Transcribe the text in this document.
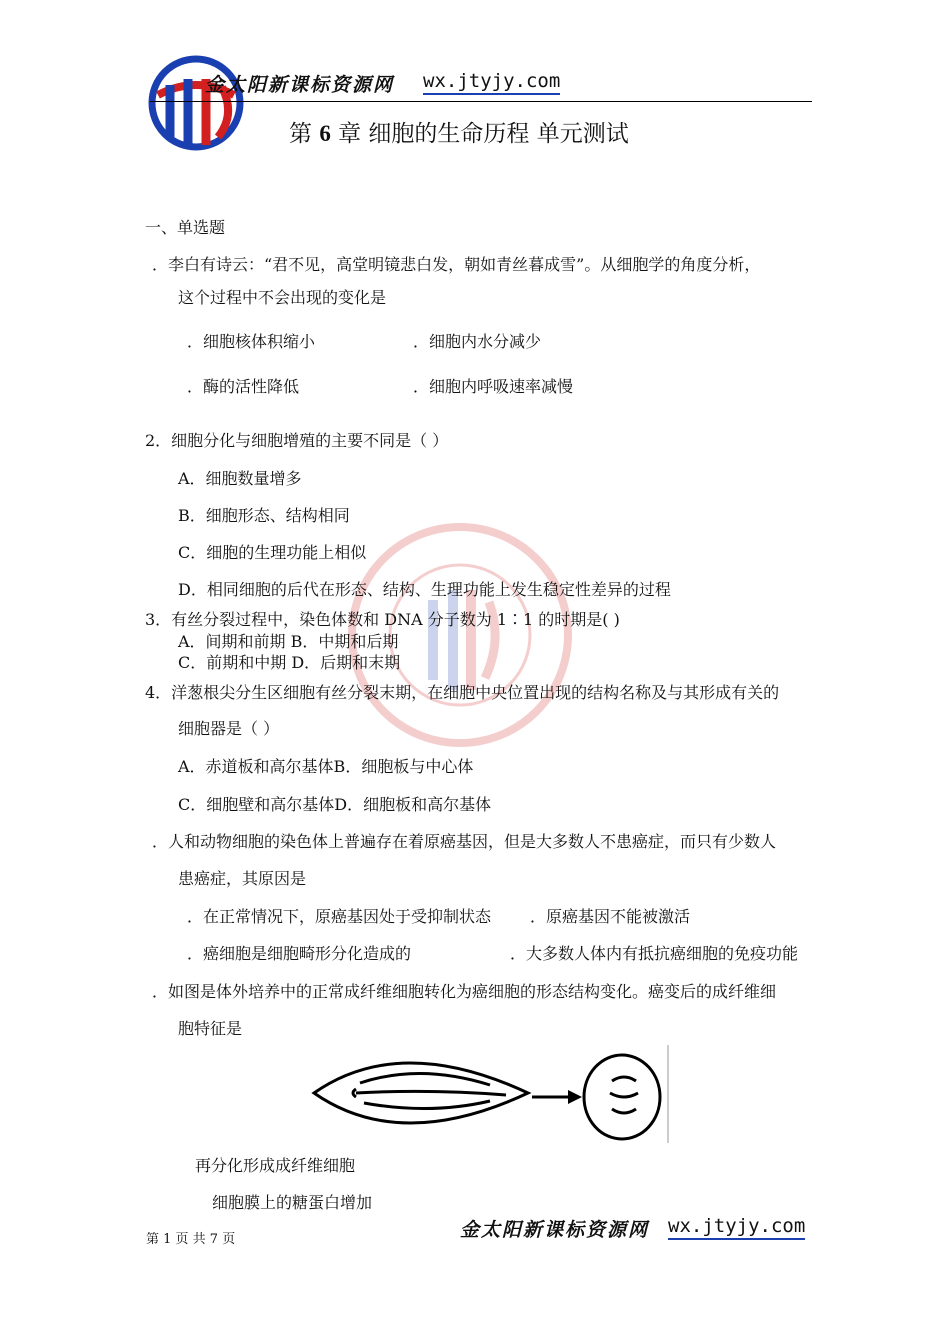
金太阳新课标资源网 wx.jtyjy.com
第 6 章 细胞的生命历程 单元测试
一、单选题
．李白有诗云：“君不见，高堂明镜悲白发，朝如青丝暮成雪”。从细胞学的角度分析，
这个过程中不会出现的变化是
．细胞核体积缩小	．细胞内水分减少
．酶的活性降低	．细胞内呼吸速率减慢
2．细胞分化与细胞增殖的主要不同是（ ）
A．细胞数量增多
B．细胞形态、结构相同
C．细胞的生理功能上相似
D．相同细胞的后代在形态、结构、生理功能上发生稳定性差异的过程
3．有丝分裂过程中，染色体数和 DNA 分子数为 1∶1 的时期是( )
A．间期和前期 B．中期和后期
C．前期和中期 D．后期和末期
4．洋葱根尖分生区细胞有丝分裂末期，在细胞中央位置出现的结构名称及与其形成有关的
细胞器是（ ）
A．赤道板和高尔基体B．细胞板与中心体
C．细胞壁和高尔基体D．细胞板和高尔基体
．人和动物细胞的染色体上普遍存在着原癌基因，但是大多数人不患癌症，而只有少数人
患癌症，其原因是
．在正常情况下，原癌基因处于受抑制状态 ．原癌基因不能被激活
．癌细胞是细胞畸形分化造成的	．大多数人体内有抵抗癌细胞的免疫功能
．如图是体外培养中的正常成纤维细胞转化为癌细胞的形态结构变化。癌变后的成纤维细
胞特征是
再分化形成成纤维细胞
细胞膜上的糖蛋白增加
第 1 页 共 7 页	金太阳新课标资源网 wx.jtyjy.com
